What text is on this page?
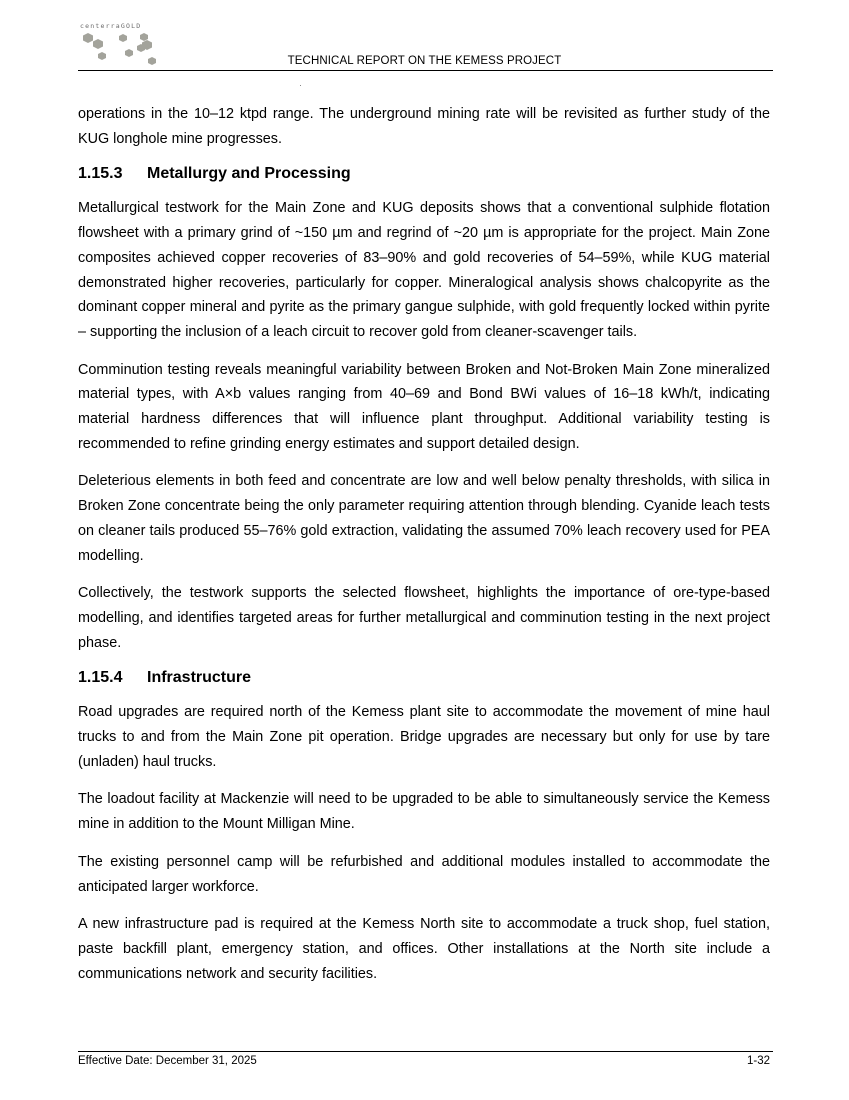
centerraGOLD
TECHNICAL REPORT ON THE KEMESS PROJECT

operations in the 10–12 ktpd range. The underground mining rate will be revisited as further study of the KUG longhole mine progresses.

1.15.3	Metallurgy and Processing

Metallurgical testwork for the Main Zone and KUG deposits shows that a conventional sulphide flotation flowsheet with a primary grind of ~150 µm and regrind of ~20 µm is appropriate for the project. Main Zone composites achieved copper recoveries of 83–90% and gold recoveries of 54–59%, while KUG material demonstrated higher recoveries, particularly for copper. Mineralogical analysis shows chalcopyrite as the dominant copper mineral and pyrite as the primary gangue sulphide, with gold frequently locked within pyrite – supporting the inclusion of a leach circuit to recover gold from cleaner-scavenger tails.

Comminution testing reveals meaningful variability between Broken and Not-Broken Main Zone mineralized material types, with A×b values ranging from 40–69 and Bond BWi values of 16–18 kWh/t, indicating material hardness differences that will influence plant throughput. Additional variability testing is recommended to refine grinding energy estimates and support detailed design.

Deleterious elements in both feed and concentrate are low and well below penalty thresholds, with silica in Broken Zone concentrate being the only parameter requiring attention through blending. Cyanide leach tests on cleaner tails produced 55–76% gold extraction, validating the assumed 70% leach recovery used for PEA modelling.

Collectively, the testwork supports the selected flowsheet, highlights the importance of ore-type-based modelling, and identifies targeted areas for further metallurgical and comminution testing in the next project phase.

1.15.4	Infrastructure

Road upgrades are required north of the Kemess plant site to accommodate the movement of mine haul trucks to and from the Main Zone pit operation. Bridge upgrades are necessary but only for use by tare (unladen) haul trucks.

The loadout facility at Mackenzie will need to be upgraded to be able to simultaneously service the Kemess mine in addition to the Mount Milligan Mine.

The existing personnel camp will be refurbished and additional modules installed to accommodate the anticipated larger workforce.

A new infrastructure pad is required at the Kemess North site to accommodate a truck shop, fuel station, paste backfill plant, emergency station, and offices. Other installations at the North site include a communications network and security facilities.

Effective Date: December 31, 2025	1-32
